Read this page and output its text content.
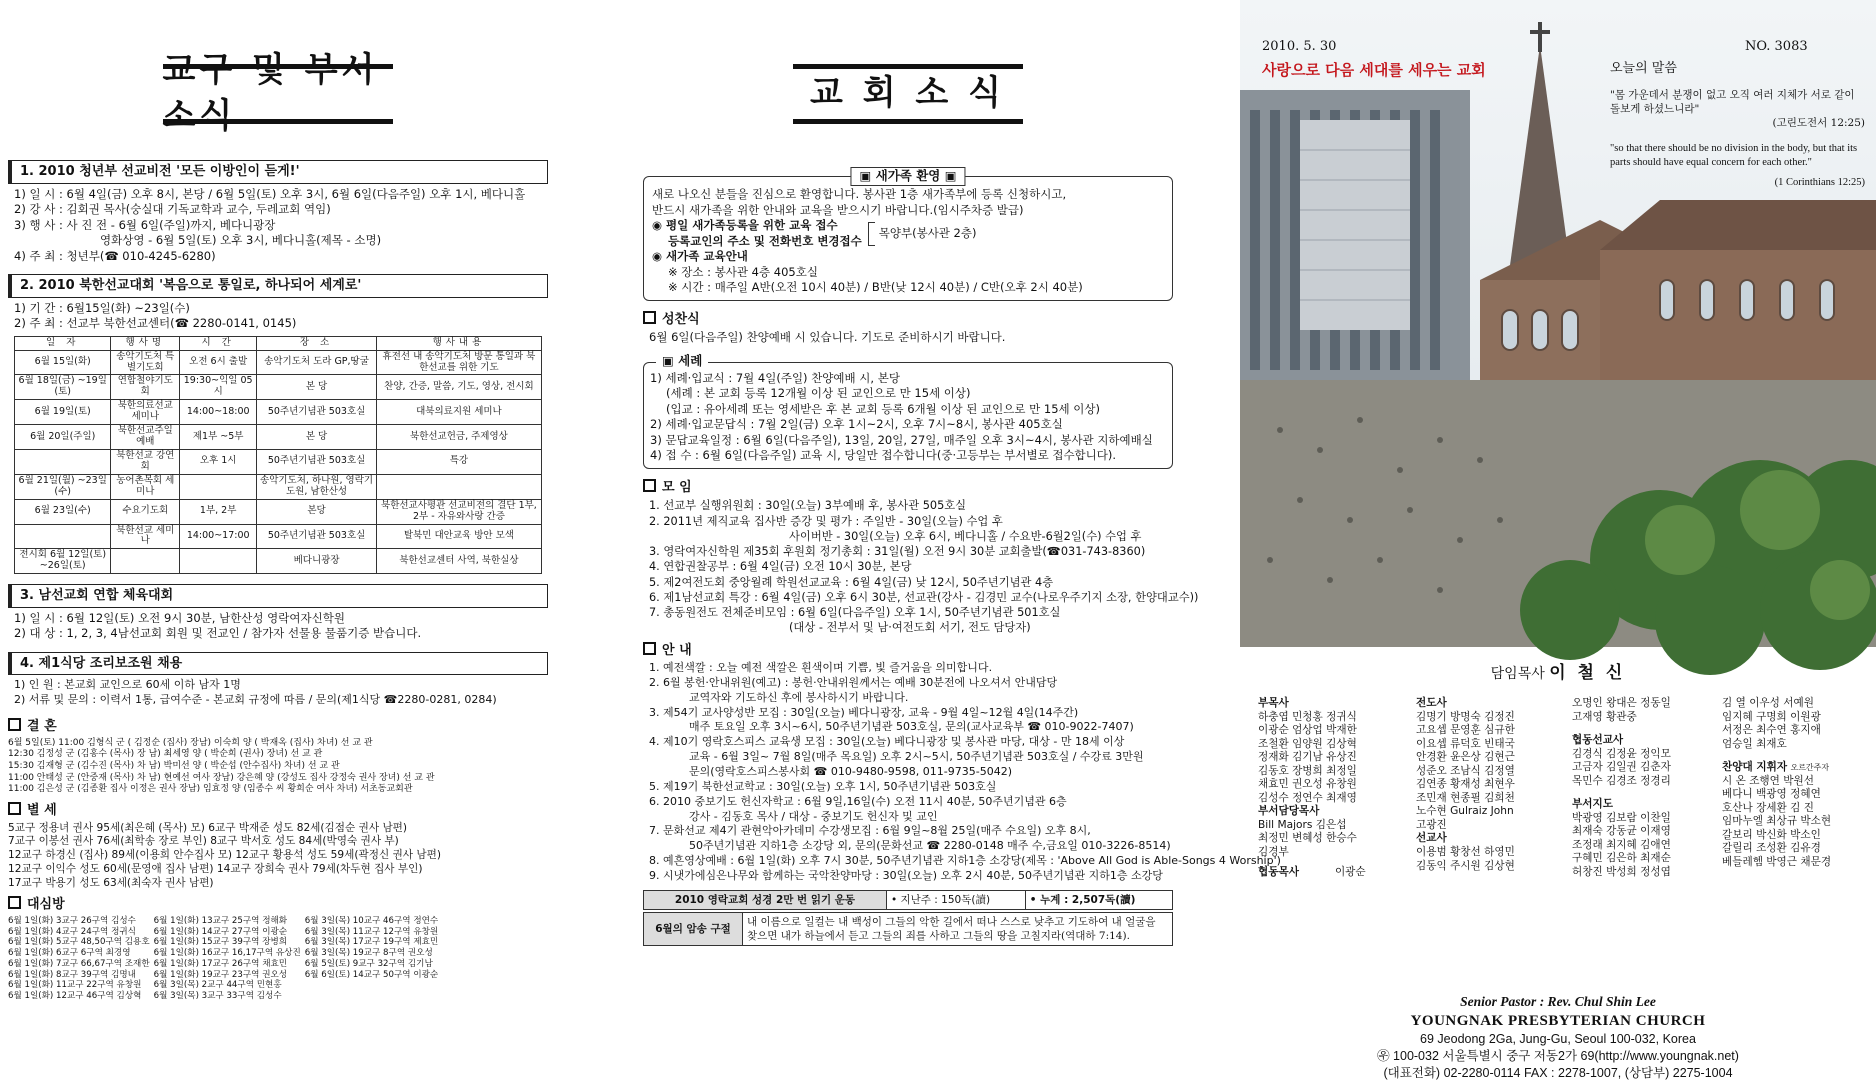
교구 및 부서소식
1. 2010 청년부 선교비전 '모든 이방인이 듣게!'
1) 일 시 : 6월 4일(금) 오후 8시, 본당 / 6월 5일(토) 오후 3시, 6월 6일(다음주일) 오후 1시, 베다니홀
2) 강 사 : 김회권 목사(숭실대 기독교학과 교수, 두레교회 역임)
3) 행 사 : 사 진 전 - 6월 6일(주일)까지, 베다니광장
영화상영 - 6월 5일(토) 오후 3시, 베다니홀(제목 - 소명)
4) 주 최 : 청년부(☎ 010-4245-6280)
2. 2010 북한선교대회 '복음으로 통일로, 하나되어 세계로'
1) 기 간 : 6월15일(화) ~23일(수)
2) 주 최 : 선교부 북한선교센터(☎ 2280-0141, 0145)
일 자	행사명	시 간	장 소	행사내용
6월 15일(화)	송악기도처 특별기도회	오전 6시 출발	송악기도처 도라 GP,땅굴	휴전선 내 송악기도처 방문 통일과 북한선교를 위한 기도
6월 18일(금) ~19일(토)	연합철야기도회	19:30~익일 05시	본 당	찬양, 간증, 말씀, 기도, 영상, 전시회
6월 19일(토)	북한의료선교세미나	14:00~18:00	50주년기념관 503호실	대북의료지원 세미나
6월 20일(주일)	북한선교주일 예배	제1부 ~5부	본 당	북한선교헌금, 주제영상
	북한선교 강연회	오후 1시	50주년기념관 503호실	특강
6월 21일(월) ~23일(수)	농어촌목회 세미나		송악기도처, 하나원, 영락기도원, 남한산성	
6월 23일(수)	수요기도회	1부, 2부	본당	북한선교사평관 선교비전의 결단 1부, 2부 - 자유와사랑 간증
	북한선교 세미나	14:00~17:00	50주년기념관 503호실	탈북민 대안교육 방안 모색
전시회 6월 12일(토) ~26일(토)			베다니광장	북한선교센터 사역, 북한실상
3. 남선교회 연합 체육대회
1) 일 시 : 6월 12일(토) 오전 9시 30분, 남한산성 영락여자신학원
2) 대 상 : 1, 2, 3, 4남선교회 회원 및 전교인 / 참가자 선물용 물품기증 받습니다.
4. 제1식당 조리보조원 채용
1) 인 원 : 본교회 교인으로 60세 이하 남자 1명
2) 서류 및 문의 : 이력서 1통, 급여수준 - 본교회 규정에 따름 / 문의(제1식당 ☎2280-0281, 0284)
결 혼
6월 5일(토) 11:00 김형식 군 ( 김정순 (집사) 장남) 이숙희 양 ( 박재옥 (집사) 차녀) 선 교 관
12:30 김정성 군 (김홍수 (목사) 장 남) 최세영 양 ( 박순희 (권사) 장녀) 선 교 관
15:30 김재형 군 (김수진 (목사) 차 남) 박미선 양 ( 박순섭 (안수집사) 차녀) 선 교 관
11:00 안태성 군 (안중재 (목사) 차 남) 현예선 여사 장남) 강은혜 양 (강성도 집사 강정숙 권사 장녀) 선 교 관
11:00 김은성 군 (김종환 집사 이정은 권사 장남) 임효정 양 (임종수 씨 황희순 여사 차녀) 서초동교회관
별 세
5교구 정용녀 권사 95세(최은혜 (목사) 모) 6교구 박재준 성도 82세(김점순 권사 남편)
7교구 이봉선 권사 76세(최학송 장로 부인) 8교구 박서호 성도 84세(박영숙 권사 부)
12교구 하경신 (집사) 89세(이용희 안수집사 모) 12교구 황용석 성도 59세(곽정신 권사 남편)
12교구 이익수 성도 60세(문영애 집사 남편) 14교구 장희숙 권사 79세(차두현 집사 부인)
17교구 박용기 성도 63세(최숙자 권사 남편)
대심방
6월 1일(화) 3교구 26구역 김성수	6월 1일(화) 13교구 25구역 정해화	6월 3일(목) 10교구 46구역 정연수
6월 1일(화) 4교구 24구역 정귀식	6월 1일(화) 14교구 27구역 이광순	6월 3일(목) 11교구 12구역 유창원
6월 1일(화) 5교구 48,50구역 김용호 6월 1일(화) 15교구 39구역 장병희	6월 3일(목) 17교구 19구역 제효민
6월 1일(화) 6교구 6구역 최경영	6월 1일(화) 16교구 16,17구역 유상진 6월 3일(목) 19교구 8구역 권오성
6월 1일(화) 7교구 66,67구역 조재한 6월 1일(화) 17교구 26구역 채효민	6월 5일(토) 9교구 32구역 김기남
6월 1일(화) 8교구 39구역 김명내	6월 1일(화) 19교구 23구역 권오성	6월 6일(토) 14교구 50구역 이광순
6월 1일(화) 11교구 22구역 유창원	6월 3일(목) 2교구 44구역 민현홍
6월 1일(화) 12교구 46구역 김상혁	6월 3일(목) 3교구 33구역 김성수
교 회 소 식
▣ 새가족 환영 ▣
새로 나오신 분들을 진심으로 환영합니다. 봉사관 1층 새가족부에 등록 신청하시고,
반드시 새가족을 위한 안내와 교육을 받으시기 바랍니다.(임시주차증 발급)
◉ 평일 새가족등록을 위한 교육 접수
등록교인의 주소 및 전화번호 변경접수
목양부(봉사관 2층)
◉ 새가족 교육안내
※ 장소 : 봉사관 4층 405호실
※ 시간 : 매주일 A반(오전 10시 40분) / B반(낮 12시 40분) / C반(오후 2시 40분)
성찬식
6월 6일(다음주일) 찬양예배 시 있습니다. 기도로 준비하시기 바랍니다.
▣ 세례
1) 세례·입교식 : 7월 4일(주일) 찬양예배 시, 본당
(세례 : 본 교회 등록 12개월 이상 된 교인으로 만 15세 이상)
(입교 : 유아세례 또는 영세받은 후 본 교회 등록 6개월 이상 된 교인으로 만 15세 이상)
2) 세례·입교문답식 : 7월 2일(금) 오후 1시~2시, 오후 7시~8시, 봉사관 405호실
3) 문답교육일정 : 6월 6일(다음주일), 13일, 20일, 27일, 매주일 오후 3시~4시, 봉사관 지하예배실
4) 접 수 : 6월 6일(다음주일) 교육 시, 당일만 접수합니다(중·고등부는 부서별로 접수합니다).
모 임
1. 선교부 실행위원회 : 30일(오늘) 3부예배 후, 봉사관 505호실
2. 2011년 제직교육 집사반 증강 및 평가 : 주일반 - 30일(오늘) 수업 후
사이버반 - 30일(오늘) 오후 6시, 베다니홀 / 수요반-6월2일(수) 수업 후
3. 영락여자신학원 제35회 후원회 정기총회 : 31일(월) 오전 9시 30분 교회출발(☎031-743-8360)
4. 연합권찰공부 : 6월 4일(금) 오전 10시 30분, 본당
5. 제2여전도회 중앙월례 학원선교교육 : 6월 4일(금) 낮 12시, 50주년기념관 4층
6. 제1남선교회 특강 : 6월 4일(금) 오후 6시 30분, 선교관(강사 - 김경민 교수(나로우주기지 소장, 한양대교수))
7. 총동원전도 전체준비모임 : 6월 6일(다음주일) 오후 1시, 50주년기념관 501호실
(대상 - 전부서 및 남·여전도회 서기, 전도 담당자)
안 내
1. 예전색깔 : 오늘 예전 색깔은 흰색이며 기쁨, 빛 즐거움을 의미합니다.
2. 6월 봉헌·안내위원(예고) : 봉헌·안내위원께서는 예배 30분전에 나오셔서 안내담당
교역자와 기도하신 후에 봉사하시기 바랍니다.
3. 제54기 교사양성반 모집 : 30일(오늘) 베다니광장, 교육 - 9월 4일~12월 4일(14주간)
매주 토요일 오후 3시~6시, 50주년기념관 503호실, 문의(교사교육부 ☎ 010-9022-7407)
4. 제10기 영락호스피스 교육생 모집 : 30일(오늘) 베다니광장 및 봉사관 마당, 대상 - 만 18세 이상
교육 - 6월 3일~ 7월 8일(매주 목요일) 오후 2시~5시, 50주년기념관 503호실 / 수강료 3만원
문의(영락호스피스봉사회 ☎ 010-9480-9598, 011-9735-5042)
5. 제19기 북한선교학교 : 30일(오늘) 오후 1시, 50주년기념관 503호실
6. 2010 중보기도 헌신자학교 : 6월 9일,16일(수) 오전 11시 40분, 50주년기념관 6층
강사 - 김동호 목사 / 대상 - 중보기도 헌신자 및 교인
7. 문화선교 제4기 관현악아카데미 수강생모집 : 6월 9일~8월 25일(매주 수요일) 오후 8시,
50주년기념관 지하1층 소강당 외, 문의(문화선교 ☎ 2280-0148 매주 수,금요일 010-3226-8514)
8. 예흔영상예배 : 6월 1일(화) 오후 7시 30분, 50주년기념관 지하1층 소강당(제목 : 'Above All God is Able-Songs 4 Worship')
9. 시냇가에심은나무와 함께하는 국악찬양마당 : 30일(오늘) 오후 2시 40분, 50주년기념관 지하1층 소강당
2010 영락교회 성경 2만 번 읽기 운동	• 지난주 : 150독(讀)	• 누계 : 2,507독(讀)
6월의 암송 구절	내 이름으로 일컬는 내 백성이 그들의 악한 길에서 떠나 스스로 낮추고 기도하여 내 얼굴을 찾으면 내가 하늘에서 듣고 그들의 죄를 사하고 그들의 땅을 고칠지라(역대하 7:14).
2010. 5. 30	NO. 3083
사랑으로 다음 세대를 세우는 교회	오늘의 말씀
"몸 가운데서 분쟁이 없고 오직 여러 지체가 서로 같이 돌보게 하셨느니라"
(고린도전서 12:25)
"so that there should be no division in the body, but that its parts should have equal concern for each other."
(1 Corinthians 12:25)
담임목사 이 철 신
부목사
하충엽 민청홍 정귀식
이광순 엄상업 박재한
조철환 임양원 김상혁
정재화 김기남 유상진
김동호 장병희 최정일
채효민 권오성 유창원
김성수 정연수 최재영
부서담당목사
Bill Majors 김은섭
최정민 변혜성 한승수
김경부
협동목사	이광순
전도사
김명기 방명숙 김정진
고요셉 문영훈 심규한
이요셉 류덕호 빈태국
안경환 윤은상 김현근
성준오 조남식 김정열
김연종 황재성 최현우
조민재 현종필 김희천
노수현 Gulraiz John
고광진
선교사
이용범 황창선 하영민
김동익 주시원 김상현
오명인 왕대은 정동일
고재영 황관중
협동선교사
김경식 김정윤 정익모
고금자 김일권 김춘자
목민수 김경조 정경리
부서지도
박광영 김보람 이찬일
최재숙 강동균 이재영
조정래 최지혜 김애연
구혜민 김은하 최재순
허창진 박성희 정성엽
김 열 이우성 서예원
임지혜 구명희 이원광
서정은 최수연 홍지애
엄승일 최재호
찬양대 지휘자 오르간주자
시 온 조행연 박원선
베다니 백광영 정혜연
호산나 장세환 김 진
임마누엘 최상규 박소현
갈보리 박신화 박소인
갈릴리 조성환 김유경
베들레헴 박영근 채문경
Senior Pastor : Rev. Chul Shin Lee
YOUNGNAK PRESBYTERIAN CHURCH
69 Jeodong 2Ga, Jung-Gu, Seoul 100-032, Korea
㉾ 100-032 서울특별시 중구 저동2가 69(http://www.youngnak.net)
(대표전화) 02-2280-0114 FAX : 2278-1007, (상담부) 2275-1004
